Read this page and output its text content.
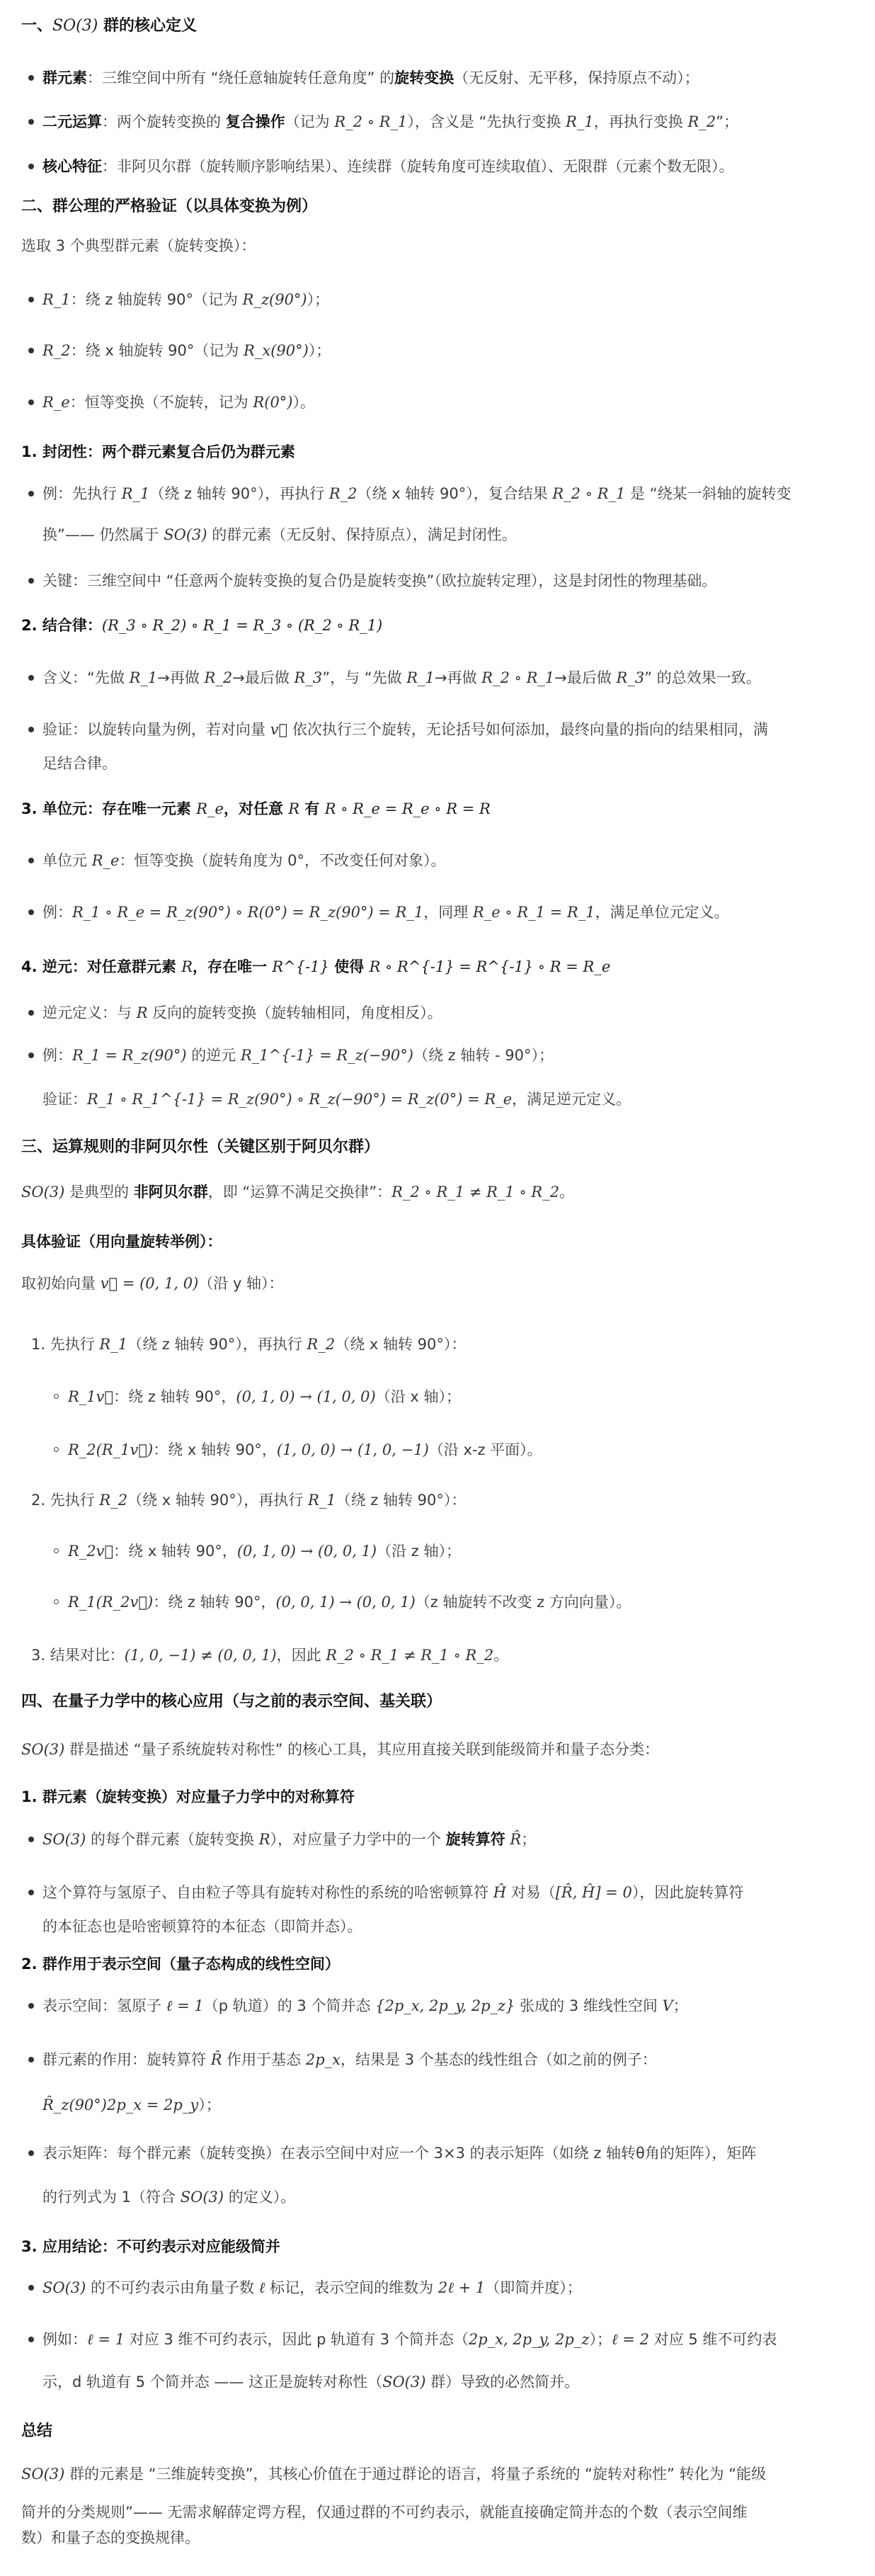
一、SO(3) 群的核心定义
群元素：三维空间中所有 “绕任意轴旋转任意角度” 的旋转变换（无反射、无平移，保持原点不动）；
二元运算：两个旋转变换的 复合操作（记为 R_2 ∘ R_1），含义是 “先执行变换 R_1，再执行变换 R_2”；
核心特征：非阿贝尔群（旋转顺序影响结果）、连续群（旋转角度可连续取值）、无限群（元素个数无限）。
二、群公理的严格验证（以具体变换为例）
选取 3 个典型群元素（旋转变换）：
R_1：绕 z 轴旋转 90°（记为 R_z(90°)）；
R_2：绕 x 轴旋转 90°（记为 R_x(90°)）；
R_e：恒等变换（不旋转，记为 R(0°)）。
1. 封闭性：两个群元素复合后仍为群元素
例：先执行 R_1（绕 z 轴转 90°），再执行 R_2（绕 x 轴转 90°），复合结果 R_2 ∘ R_1 是 “绕某一斜轴的旋转变
换”—— 仍然属于 SO(3) 的群元素（无反射、保持原点），满足封闭性。
关键：三维空间中 “任意两个旋转变换的复合仍是旋转变换”（欧拉旋转定理），这是封闭性的物理基础。
2. 结合律：(R_3 ∘ R_2) ∘ R_1 = R_3 ∘ (R_2 ∘ R_1)
含义：“先做 R_1→再做 R_2→最后做 R_3”，与 “先做 R_1→再做 R_2 ∘ R_1→最后做 R_3” 的总效果一致。
验证：以旋转向量为例，若对向量 v⃗ 依次执行三个旋转，无论括号如何添加，最终向量的指向的结果相同，满
足结合律。
3. 单位元：存在唯一元素 R_e，对任意 R 有 R ∘ R_e = R_e ∘ R = R
单位元 R_e：恒等变换（旋转角度为 0°，不改变任何对象）。
例：R_1 ∘ R_e = R_z(90°) ∘ R(0°) = R_z(90°) = R_1，同理 R_e ∘ R_1 = R_1，满足单位元定义。
4. 逆元：对任意群元素 R，存在唯一 R^{-1} 使得 R ∘ R^{-1} = R^{-1} ∘ R = R_e
逆元定义：与 R 反向的旋转变换（旋转轴相同，角度相反）。
例：R_1 = R_z(90°) 的逆元 R_1^{-1} = R_z(−90°)（绕 z 轴转 - 90°）；
验证：R_1 ∘ R_1^{-1} = R_z(90°) ∘ R_z(−90°) = R_z(0°) = R_e，满足逆元定义。
三、运算规则的非阿贝尔性（关键区别于阿贝尔群）
SO(3) 是典型的 非阿贝尔群，即 “运算不满足交换律”：R_2 ∘ R_1 ≠ R_1 ∘ R_2。
具体验证（用向量旋转举例）：
取初始向量 v⃗ = (0, 1, 0)（沿 y 轴）：
1. 先执行 R_1（绕 z 轴转 90°），再执行 R_2（绕 x 轴转 90°）：
R_1v⃗：绕 z 轴转 90°，(0, 1, 0) → (1, 0, 0)（沿 x 轴）；
R_2(R_1v⃗)：绕 x 轴转 90°，(1, 0, 0) → (1, 0, −1)（沿 x-z 平面）。
2. 先执行 R_2（绕 x 轴转 90°），再执行 R_1（绕 z 轴转 90°）：
R_2v⃗：绕 x 轴转 90°，(0, 1, 0) → (0, 0, 1)（沿 z 轴）；
R_1(R_2v⃗)：绕 z 轴转 90°，(0, 0, 1) → (0, 0, 1)（z 轴旋转不改变 z 方向向量）。
3. 结果对比：(1, 0, −1) ≠ (0, 0, 1)，因此 R_2 ∘ R_1 ≠ R_1 ∘ R_2。
四、在量子力学中的核心应用（与之前的表示空间、基关联）
SO(3) 群是描述 “量子系统旋转对称性” 的核心工具，其应用直接关联到能级简并和量子态分类：
1. 群元素（旋转变换）对应量子力学中的对称算符
SO(3) 的每个群元素（旋转变换 R），对应量子力学中的一个 旋转算符 R̂；
这个算符与氢原子、自由粒子等具有旋转对称性的系统的哈密顿算符 Ĥ 对易（[R̂, Ĥ] = 0），因此旋转算符
的本征态也是哈密顿算符的本征态（即简并态）。
2. 群作用于表示空间（量子态构成的线性空间）
表示空间：氢原子 ℓ = 1（p 轨道）的 3 个简并态 {2p_x, 2p_y, 2p_z} 张成的 3 维线性空间 V；
群元素的作用：旋转算符 R̂ 作用于基态 2p_x，结果是 3 个基态的线性组合（如之前的例子：
R̂_z(90°)2p_x = 2p_y）；
表示矩阵：每个群元素（旋转变换）在表示空间中对应一个 3×3 的表示矩阵（如绕 z 轴转θ角的矩阵），矩阵
的行列式为 1（符合 SO(3) 的定义）。
3. 应用结论：不可约表示对应能级简并
SO(3) 的不可约表示由角量子数 ℓ 标记，表示空间的维数为 2ℓ + 1（即简并度）；
例如：ℓ = 1 对应 3 维不可约表示，因此 p 轨道有 3 个简并态（2p_x, 2p_y, 2p_z）；ℓ = 2 对应 5 维不可约表
示，d 轨道有 5 个简并态 —— 这正是旋转对称性（SO(3) 群）导致的必然简并。
总结
SO(3) 群的元素是 “三维旋转变换”，其核心价值在于通过群论的语言，将量子系统的 “旋转对称性” 转化为 “能级
简并的分类规则”—— 无需求解薛定谔方程，仅通过群的不可约表示，就能直接确定简并态的个数（表示空间维
数）和量子态的变换规律。
